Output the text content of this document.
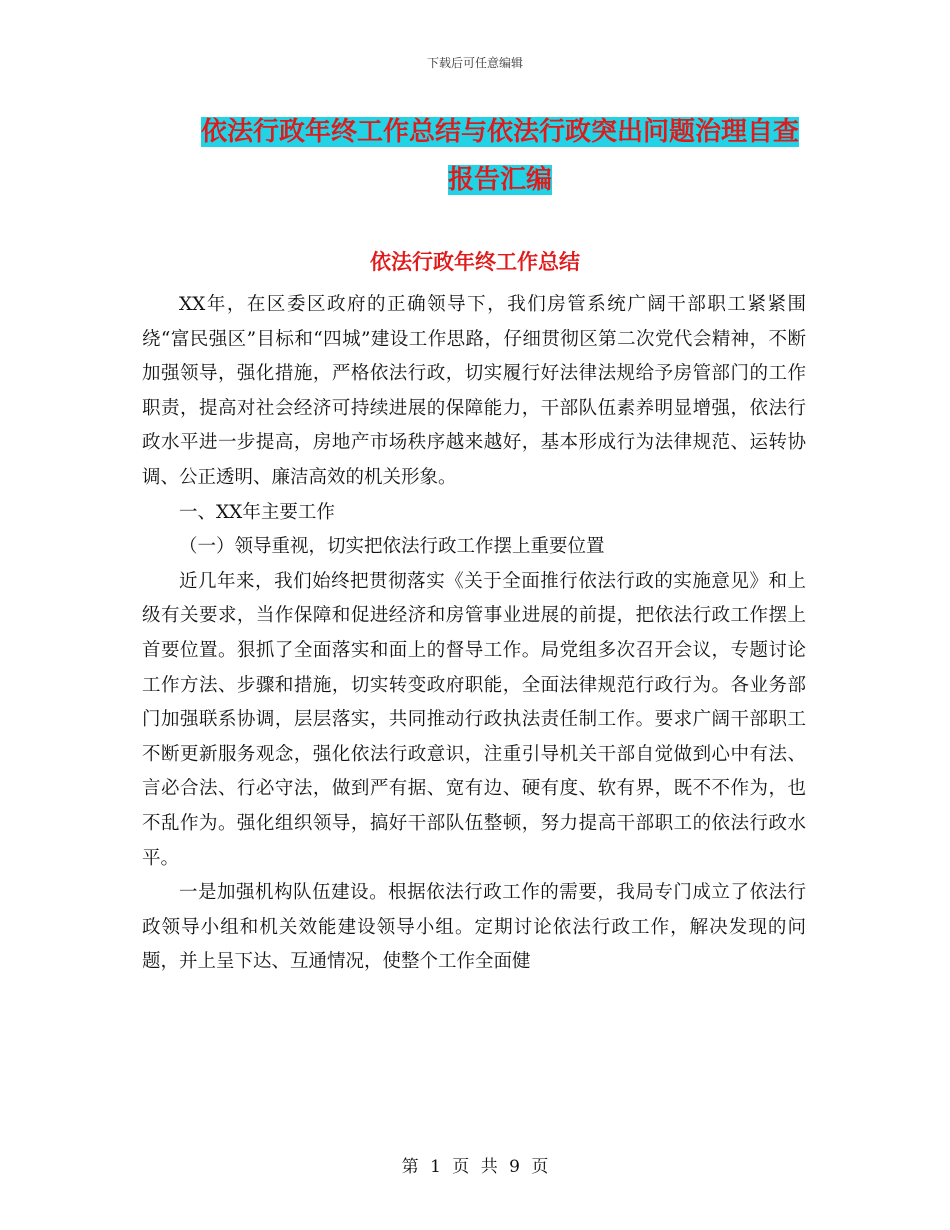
下载后可任意编辑
依法行政年终工作总结与依法行政突出问题治理自查
报告汇编
依法行政年终工作总结

XX年，在区委区政府的正确领导下，我们房管系统广阔干部职工紧紧围绕“富民强区”目标和“四城”建设工作思路，仔细贯彻区第二次党代会精神，不断加强领导，强化措施，严格依法行政，切实履行好法律法规给予房管部门的工作职责，提高对社会经济可持续进展的保障能力，干部队伍素养明显增强，依法行政水平进一步提高，房地产市场秩序越来越好，基本形成行为法律规范、运转协调、公正透明、廉洁高效的机关形象。

一、XX年主要工作

（一）领导重视，切实把依法行政工作摆上重要位置

近几年来，我们始终把贯彻落实《关于全面推行依法行政的实施意见》和上级有关要求，当作保障和促进经济和房管事业进展的前提，把依法行政工作摆上首要位置。狠抓了全面落实和面上的督导工作。局党组多次召开会议，专题讨论工作方法、步骤和措施，切实转变政府职能，全面法律规范行政行为。各业务部门加强联系协调，层层落实，共同推动行政执法责任制工作。要求广阔干部职工不断更新服务观念，强化依法行政意识，注重引导机关干部自觉做到心中有法、言必合法、行必守法，做到严有据、宽有边、硬有度、软有界，既不不作为，也不乱作为。强化组织领导，搞好干部队伍整顿，努力提高干部职工的依法行政水平。

一是加强机构队伍建设。根据依法行政工作的需要，我局专门成立了依法行政领导小组和机关效能建设领导小组。定期讨论依法行政工作，解决发现的问题，并上呈下达、互通情况，使整个工作全面健

第 1 页 共 9 页
